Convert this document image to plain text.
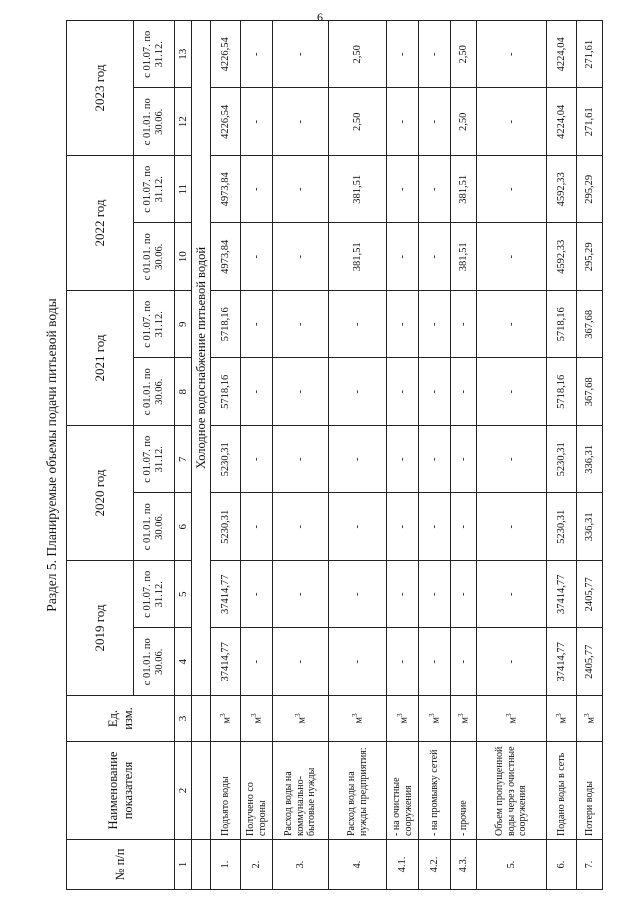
6
Раздел 5. Планируемые объемы подачи питьевой воды
№ п/п	Наименование показателя	Ед. изм.	2019 год		2020 год		2021 год		2022 год		2023 год	
			с 01.01. по 30.06.	с 01.07. по 31.12.	с 01.01. по 30.06.	с 01.07. по 31.12.	с 01.01. по 30.06.	с 01.07. по 31.12.	с 01.01. по 30.06.	с 01.07. по 31.12.	с 01.01. по 30.06.	с 01.07. по 31.12.
1	2	3	4	5	6	7	8	9	10	11	12	13
			Холодное водоснабжение питьевой водой									
1.	Подъято воды	$м^3$	37414,77	37414,77	5230,31	5230,31	5718,16	5718,16	4973,84	4973,84	4226,54	4226,54
2.	Получено со стороны	$м^3$	-	-	-	-	-	-	-	-	-	-
3.	Расход воды на коммунально-бытовые нужды	$м^3$	-	-	-	-	-	-	-	-	-	-
4.	Расход воды на нужды предприятия:	$м^3$	-	-	-	-	-	-	381,51	381,51	2,50	2,50
4.1.	- на очистные сооружения	$м^3$	-	-	-	-	-	-	-	-	-	-
4.2.	- на промывку сетей	$м^3$	-	-	-	-	-	-	-	-	-	-
4.3.	- прочие	$м^3$	-	-	-	-	-	-	381,51	381,51	2,50	2,50
5.	Объем пропущенной воды через очистные сооружения	$м^3$	-	-	-	-	-	-	-	-	-	-
6.	Подано воды в сеть	$м^3$	37414,77	37414,77	5230,31	5230,31	5718,16	5718,16	4592,33	4592,33	4224,04	4224,04
7.	Потери воды	$м^3$	2405,77	2405,77	336,31	336,31	367,68	367,68	295,29	295,29	271,61	271,61
